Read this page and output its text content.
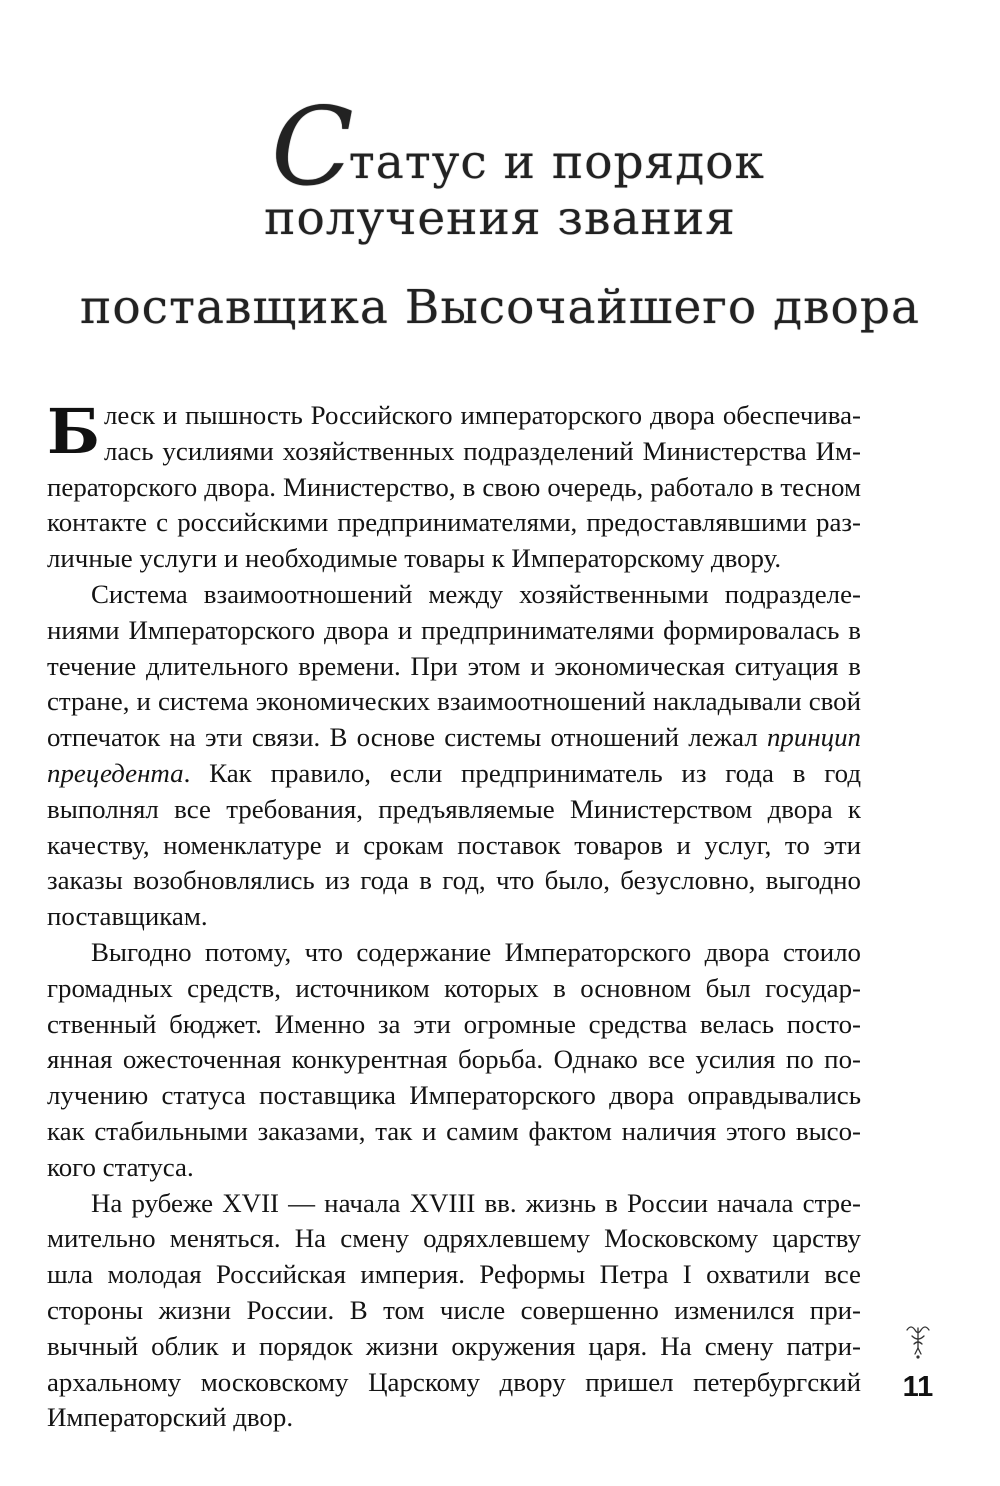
Статус и порядок
получения звания
поставщика Высочайшего двора

Блеск и пышность Российского императорского двора обеспечивалась усилиями хозяйственных подразделений Министерства Императорского двора. Министерство, в свою очередь, работало в тесном контакте с российскими предпринимателями, предоставлявшими различные услуги и необходимые товары к Императорскому двору.

Система взаимоотношений между хозяйственными подразделениями Императорского двора и предпринимателями формировалась в течение длительного времени. При этом и экономическая ситуация в стране, и система экономических взаимоотношений накладывали свой отпечаток на эти связи. В основе системы отношений лежал принцип прецедента. Как правило, если предприниматель из года в год выполнял все требования, предъявляемые Министерством двора к качеству, номенклатуре и срокам поставок товаров и услуг, то эти заказы возобновлялись из года в год, что было, безусловно, выгодно поставщикам.

Выгодно потому, что содержание Императорского двора стоило громадных средств, источником которых в основном был государственный бюджет. Именно за эти огромные средства велась постоянная ожесточенная конкурентная борьба. Однако все усилия по получению статуса поставщика Императорского двора оправдывались как стабильными заказами, так и самим фактом наличия этого высокого статуса.

На рубеже XVII — начала XVIII вв. жизнь в России начала стремительно меняться. На смену одряхлевшему Московскому царству шла молодая Российская империя. Реформы Петра I охватили все стороны жизни России. В том числе совершенно изменился привычный облик и порядок жизни окружения царя. На смену патриархальному московскому Царскому двору пришел петербургский Императорский двор.

11
